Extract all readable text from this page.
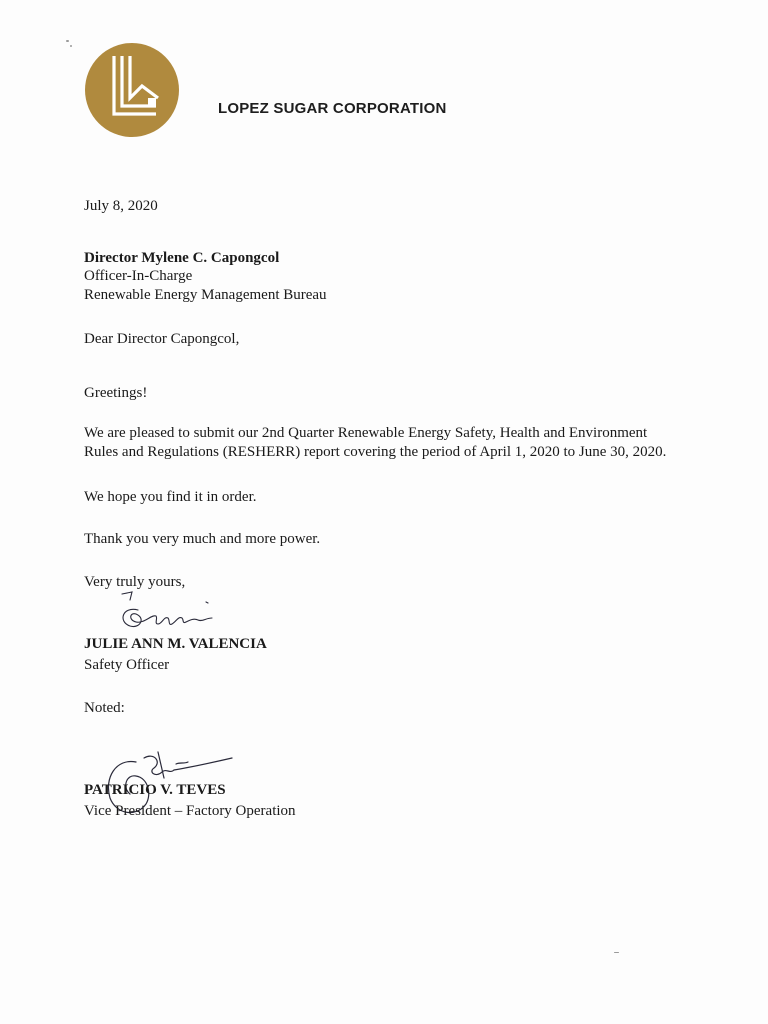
LOPEZ SUGAR CORPORATION
July 8, 2020
Director Mylene C. Capongcol
Officer-In-Charge
Renewable Energy Management Bureau
Dear Director Capongcol,
Greetings!
We are pleased to submit our 2nd Quarter Renewable Energy Safety, Health and Environment
Rules and Regulations (RESHERR) report covering the period of April 1, 2020 to June 30, 2020.
We hope you find it in order.
Thank you very much and more power.
Very truly yours,
JULIE ANN M. VALENCIA
Safety Officer
Noted:
PATRICIO V. TEVES
Vice President – Factory Operation
